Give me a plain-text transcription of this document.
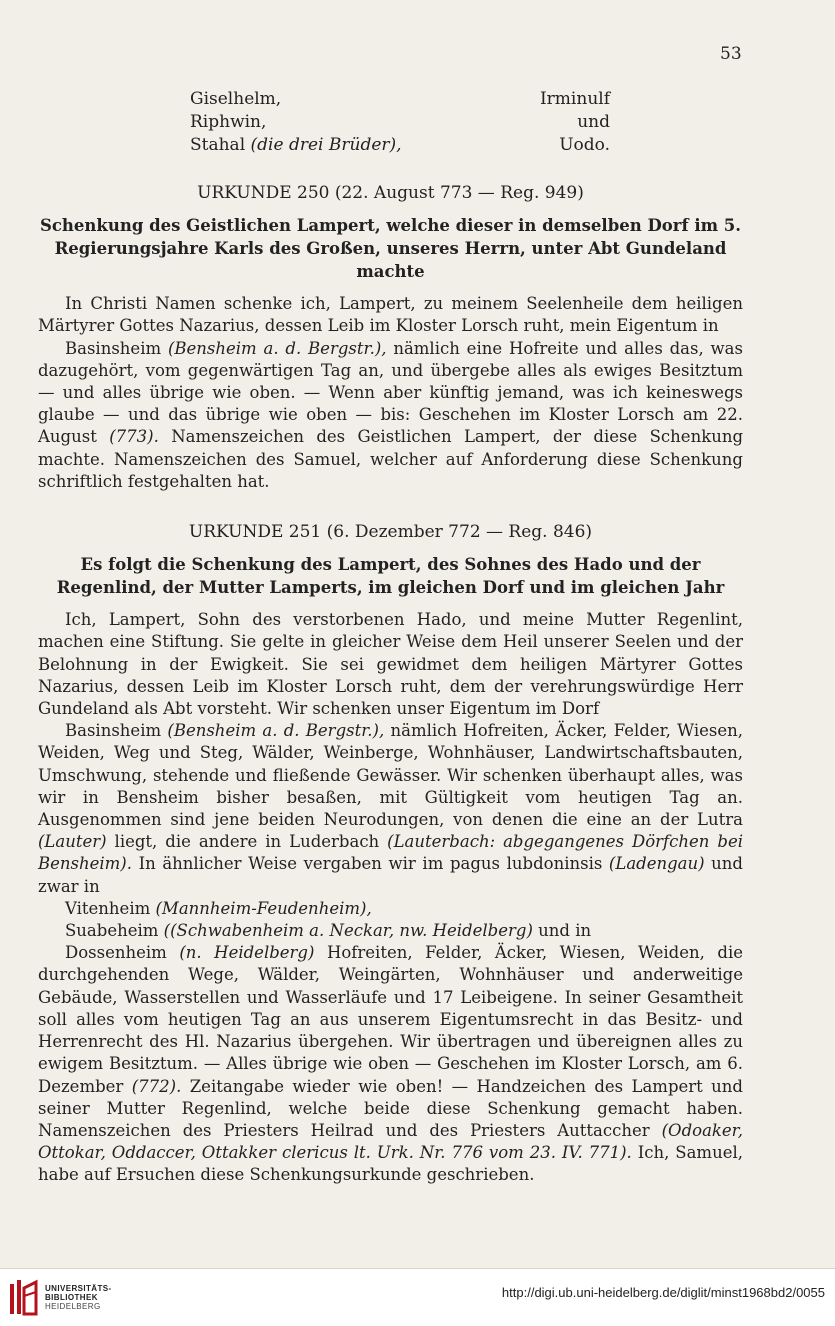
53
Giselhelm,	Irminulf
Riphwin,	und
Stahal (die drei Brüder),	Uodo.

URKUNDE 250 (22. August 773 — Reg. 949)

Schenkung des Geistlichen Lampert, welche dieser in demselben Dorf im 5. Regierungsjahre Karls des Großen, unseres Herrn, unter Abt Gundeland machte

In Christi Namen schenke ich, Lampert, zu meinem Seelenheile dem heiligen Märtyrer Gottes Nazarius, dessen Leib im Kloster Lorsch ruht, mein Eigentum in

Basinsheim (Bensheim a. d. Bergstr.), nämlich eine Hofreite und alles das, was dazugehört, vom gegenwärtigen Tag an, und übergebe alles als ewiges Besitztum — und alles übrige wie oben. — Wenn aber künftig jemand, was ich keineswegs glaube — und das übrige wie oben — bis: Geschehen im Kloster Lorsch am 22. August (773). Namenszeichen des Geistlichen Lampert, der diese Schenkung machte. Namenszeichen des Samuel, welcher auf Anforderung diese Schenkung schriftlich festgehalten hat.

URKUNDE 251 (6. Dezember 772 — Reg. 846)

Es folgt die Schenkung des Lampert, des Sohnes des Hado und der Regenlind, der Mutter Lamperts, im gleichen Dorf und im gleichen Jahr

Ich, Lampert, Sohn des verstorbenen Hado, und meine Mutter Regenlint, machen eine Stiftung. Sie gelte in gleicher Weise dem Heil unserer Seelen und der Belohnung in der Ewigkeit. Sie sei gewidmet dem heiligen Märtyrer Gottes Nazarius, dessen Leib im Kloster Lorsch ruht, dem der verehrungswürdige Herr Gundeland als Abt vorsteht. Wir schenken unser Eigentum im Dorf

Basinsheim (Bensheim a. d. Bergstr.), nämlich Hofreiten, Äcker, Felder, Wiesen, Weiden, Weg und Steg, Wälder, Weinberge, Wohnhäuser, Landwirtschaftsbauten, Umschwung, stehende und fließende Gewässer. Wir schenken überhaupt alles, was wir in Bensheim bisher besaßen, mit Gültigkeit vom heutigen Tag an. Ausgenommen sind jene beiden Neurodungen, von denen die eine an der Lutra (Lauter) liegt, die andere in Luderbach (Lauterbach: abgegangenes Dörfchen bei Bensheim). In ähnlicher Weise vergaben wir im pagus lubdoninsis (Ladengau) und zwar in

Vitenheim (Mannheim-Feudenheim),

Suabeheim ((Schwabenheim a. Neckar, nw. Heidelberg) und in

Dossenheim (n. Heidelberg) Hofreiten, Felder, Äcker, Wiesen, Weiden, die durchgehenden Wege, Wälder, Weingärten, Wohnhäuser und anderweitige Gebäude, Wasserstellen und Wasserläufe und 17 Leibeigene. In seiner Gesamtheit soll alles vom heutigen Tag an aus unserem Eigentumsrecht in das Besitz- und Herrenrecht des Hl. Nazarius übergehen. Wir übertragen und übereignen alles zu ewigem Besitztum. — Alles übrige wie oben — Geschehen im Kloster Lorsch, am 6. Dezember (772). Zeitangabe wieder wie oben! — Handzeichen des Lampert und seiner Mutter Regenlind, welche beide diese Schenkung gemacht haben. Namenszeichen des Priesters Heilrad und des Priesters Auttaccher (Odoaker, Ottokar, Oddaccer, Ottakker clericus lt. Urk. Nr. 776 vom 23. IV. 771). Ich, Samuel, habe auf Ersuchen diese Schenkungsurkunde geschrieben.

UNIVERSITÄTS-
BIBLIOTHEK
HEIDELBERG
http://digi.ub.uni-heidelberg.de/diglit/minst1968bd2/0055
